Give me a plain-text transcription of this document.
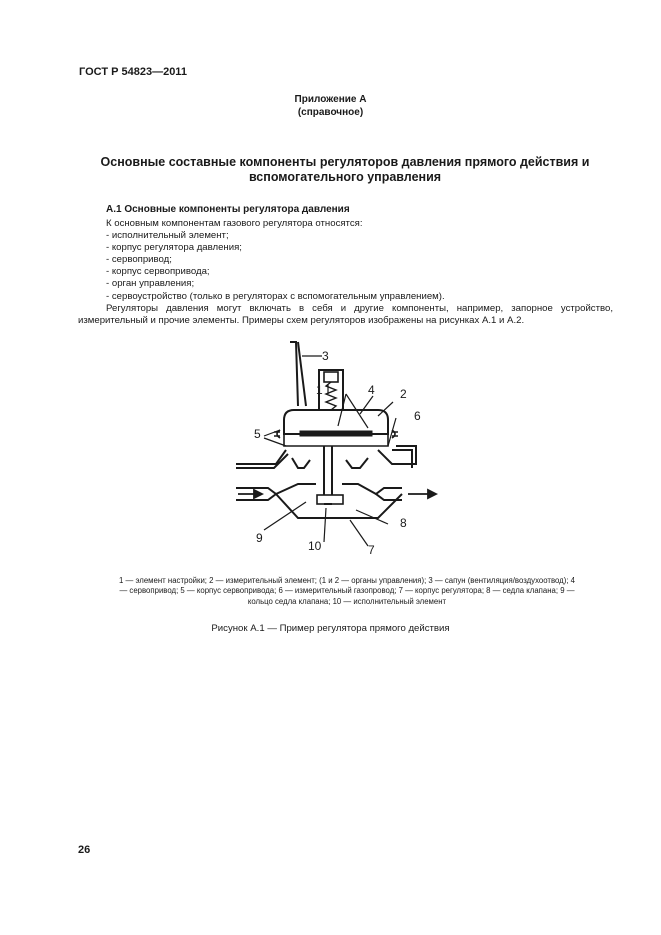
ГОСТ Р 54823—2011
Приложение А
(справочное)
Основные составные компоненты регуляторов давления прямого действия и
вспомогательного управления
А.1 Основные компоненты регулятора давления

К основным компонентам газового регулятора относятся:

- исполнительный элемент;

- корпус регулятора давления;

- сервопривод;

- корпус сервопривода;

- орган управления;

- сервоустройство (только в регуляторах с вспомогательным управлением).

Регуляторы давления могут включать в себя и другие компоненты, например, запорное устройство, измерительный и прочие элементы. Примеры схем регуляторов изображены на рисунках А.1 и А.2.

3
1	4 2
6
5
8
9
10	7
1 — элемент настройки; 2 — измерительный элемент; (1 и 2 — органы управления); 3 — сапун (вентиляция/воздухоотвод); 4
— сервопривод; 5 — корпус сервопривода; 6 — измерительный газопровод; 7 — корпус регулятора; 8 — седла клапана; 9 —
кольцо седла клапана; 10 — исполнительный элемент
Рисунок А.1 — Пример регулятора прямого действия
26
